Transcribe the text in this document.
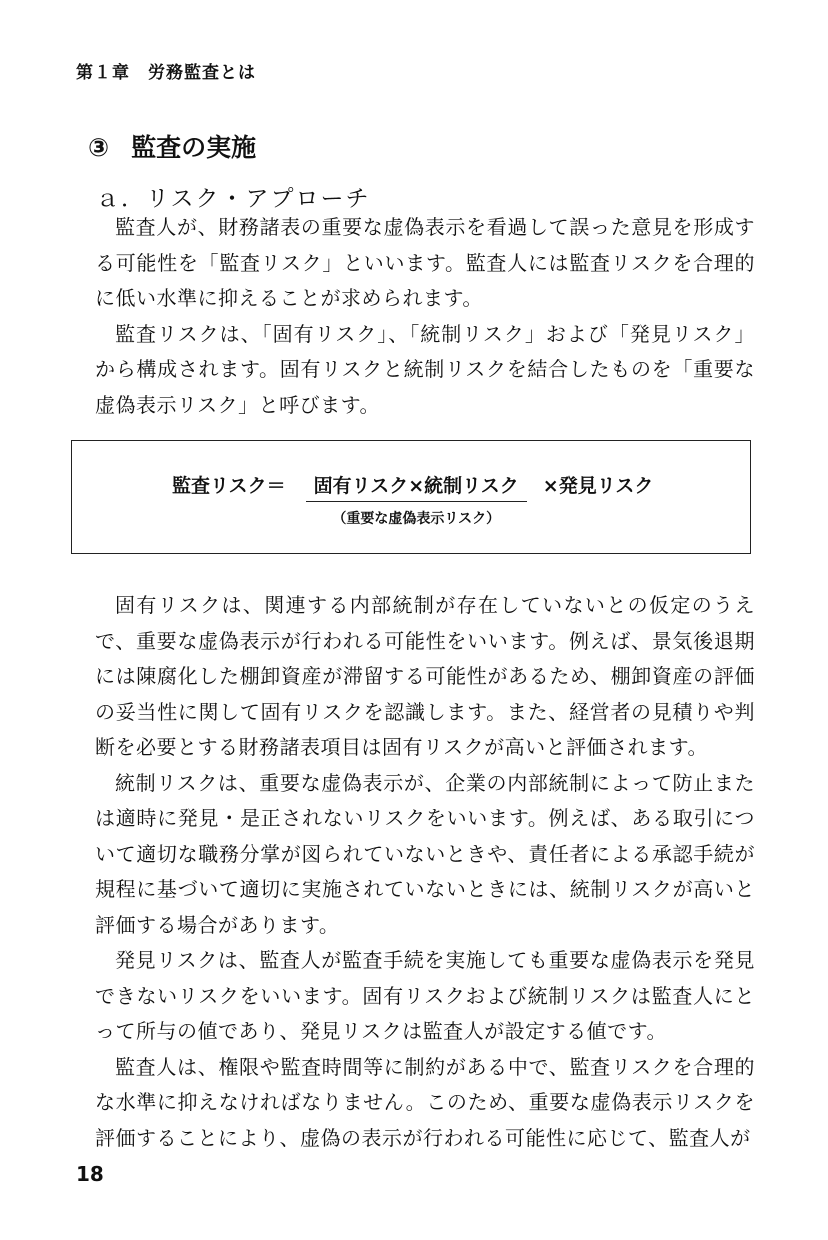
第１章　労務監査とは
③ 監査の実施
ａ．リスク・アプローチ

監査人が、財務諸表の重要な虚偽表示を看過して誤った意見を形成する可能性を「監査リスク」といいます。監査人には監査リスクを合理的に低い水準に抑えることが求められます。

監査リスクは、「固有リスク」、「統制リスク」および「発見リスク」から構成されます。固有リスクと統制リスクを結合したものを「重要な虚偽表示リスク」と呼びます。

監査リスク＝	固有リスク×統制リスク
（重要な虚偽表示リスク）
×発見リスク

固有リスクは、関連する内部統制が存在していないとの仮定のうえで、重要な虚偽表示が行われる可能性をいいます。例えば、景気後退期には陳腐化した棚卸資産が滞留する可能性があるため、棚卸資産の評価の妥当性に関して固有リスクを認識します。また、経営者の見積りや判断を必要とする財務諸表項目は固有リスクが高いと評価されます。

統制リスクは、重要な虚偽表示が、企業の内部統制によって防止または適時に発見・是正されないリスクをいいます。例えば、ある取引について適切な職務分掌が図られていないときや、責任者による承認手続が規程に基づいて適切に実施されていないときには、統制リスクが高いと評価する場合があります。

発見リスクは、監査人が監査手続を実施しても重要な虚偽表示を発見できないリスクをいいます。固有リスクおよび統制リスクは監査人にとって所与の値であり、発見リスクは監査人が設定する値です。

監査人は、権限や監査時間等に制約がある中で、監査リスクを合理的な水準に抑えなければなりません。このため、重要な虚偽表示リスクを評価することにより、虚偽の表示が行われる可能性に応じて、監査人が

18
